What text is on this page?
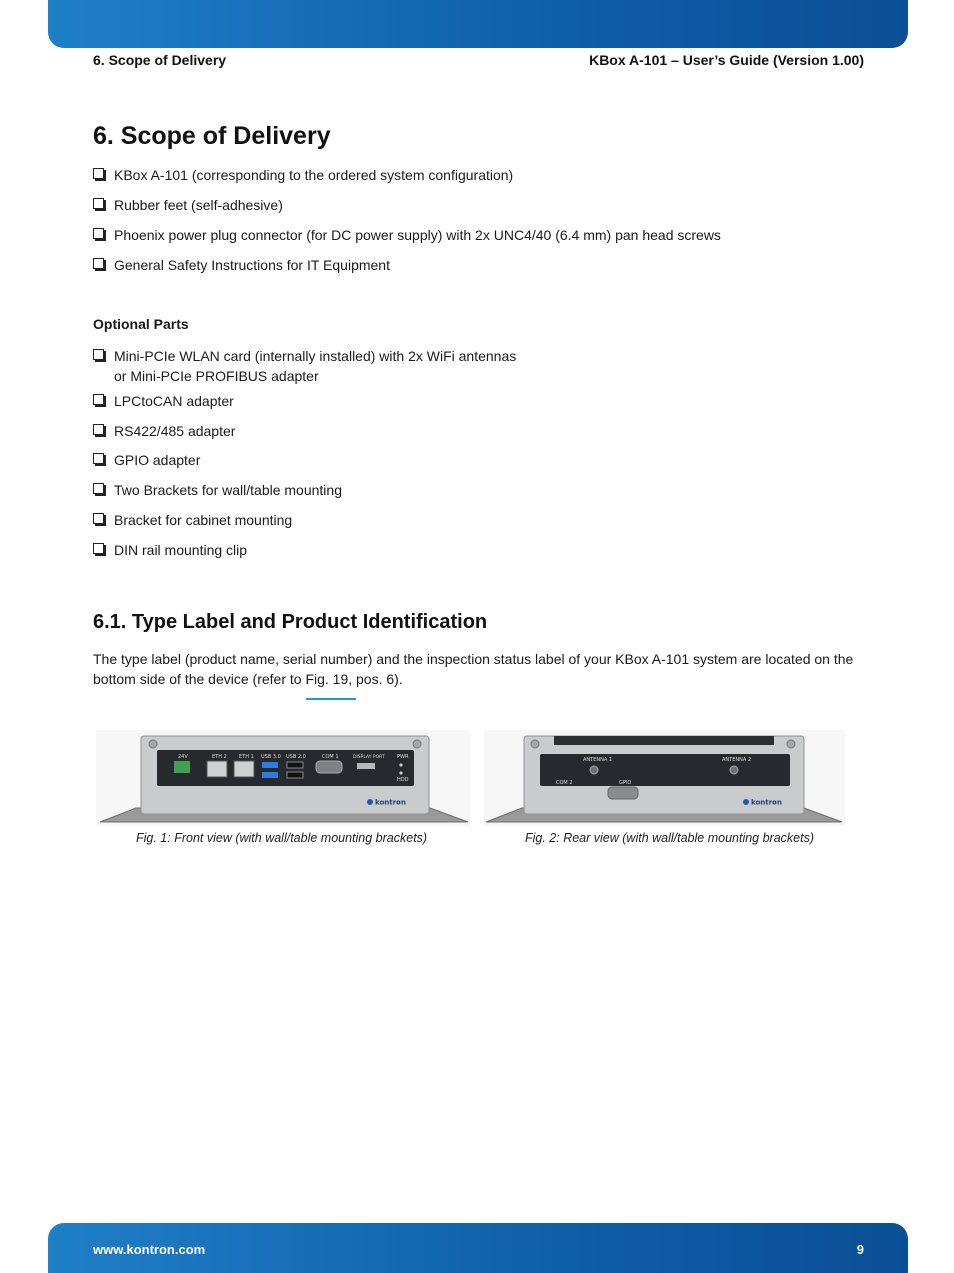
6. Scope of Delivery	KBox A-101 – User’s Guide (Version 1.00)
6. Scope of Delivery
KBox A-101 (corresponding to the ordered system configuration)
Rubber feet (self-adhesive)
Phoenix power plug connector (for DC power supply) with 2x UNC4/40 (6.4 mm) pan head screws
General Safety Instructions for IT Equipment
Optional Parts
Mini-PCIe WLAN card (internally installed) with 2x WiFi antennas
or Mini-PCIe PROFIBUS adapter
LPCtoCAN adapter
RS422/485 adapter
GPIO adapter
Two Brackets for wall/table mounting
Bracket for cabinet mounting
DIN rail mounting clip
6.1. Type Label and Product Identification
The type label (product name, serial number) and the inspection status label of your KBox A-101 system are located on the bottom side of the device (refer to Fig. 19, pos. 6).
24V	ETH 2 ETH 1 USB 3.0 USB 2.0	COM 1	DISPLAY PORT PWR
HDD
kontron
Fig. 1: Front view (with wall/table mounting brackets)
ANTENNA 1	ANTENNA 2
COM 2	GPIO
kontron
Fig. 2: Rear view (with wall/table mounting brackets)
www.kontron.com	9
